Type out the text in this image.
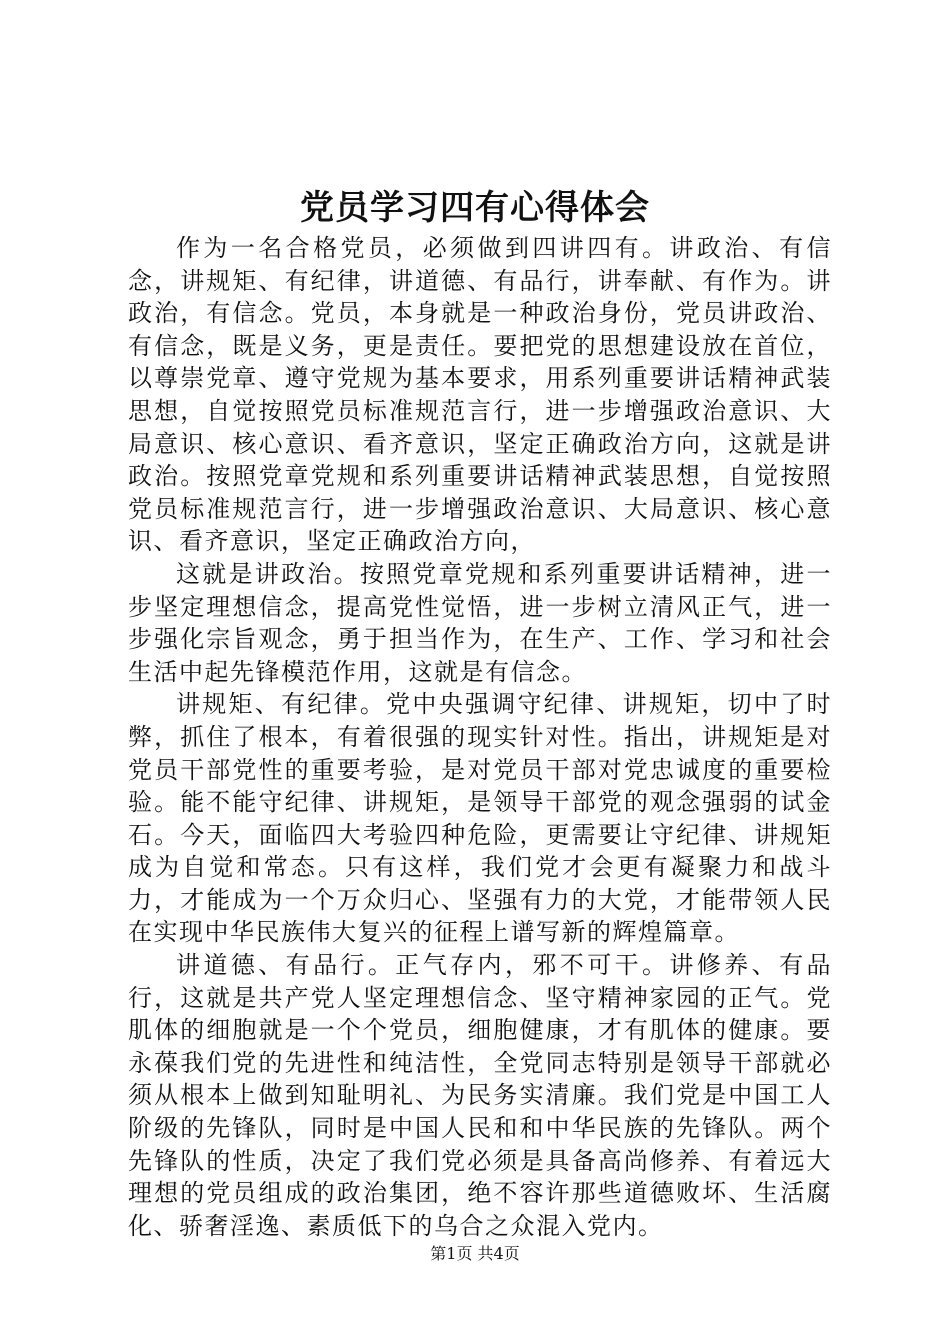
党员学习四有心得体会

作为一名合格党员，必须做到四讲四有。讲政治、有信念，讲规矩、有纪律，讲道德、有品行，讲奉献、有作为。讲政治，有信念。党员，本身就是一种政治身份，党员讲政治、有信念，既是义务，更是责任。要把党的思想建设放在首位，以尊崇党章、遵守党规为基本要求，用系列重要讲话精神武装思想，自觉按照党员标准规范言行，进一步增强政治意识、大局意识、核心意识、看齐意识，坚定正确政治方向，这就是讲政治。按照党章党规和系列重要讲话精神武装思想，自觉按照党员标准规范言行，进一步增强政治意识、大局意识、核心意识、看齐意识，坚定正确政治方向，

这就是讲政治。按照党章党规和系列重要讲话精神，进一步坚定理想信念，提高党性觉悟，进一步树立清风正气，进一步强化宗旨观念，勇于担当作为，在生产、工作、学习和社会生活中起先锋模范作用，这就是有信念。

讲规矩、有纪律。党中央强调守纪律、讲规矩，切中了时弊，抓住了根本，有着很强的现实针对性。指出，讲规矩是对党员干部党性的重要考验，是对党员干部对党忠诚度的重要检验。能不能守纪律、讲规矩，是领导干部党的观念强弱的试金石。今天，面临四大考验四种危险，更需要让守纪律、讲规矩成为自觉和常态。只有这样，我们党才会更有凝聚力和战斗力，才能成为一个万众归心、坚强有力的大党，才能带领人民在实现中华民族伟大复兴的征程上谱写新的辉煌篇章。

讲道德、有品行。正气存内，邪不可干。讲修养、有品行，这就是共产党人坚定理想信念、坚守精神家园的正气。党肌体的细胞就是一个个党员，细胞健康，才有肌体的健康。要永葆我们党的先进性和纯洁性，全党同志特别是领导干部就必须从根本上做到知耻明礼、为民务实清廉。我们党是中国工人阶级的先锋队，同时是中国人民和和中华民族的先锋队。两个先锋队的性质，决定了我们党必须是具备高尚修养、有着远大理想的党员组成的政治集团，绝不容许那些道德败坏、生活腐化、骄奢淫逸、素质低下的乌合之众混入党内。

第1页 共4页
